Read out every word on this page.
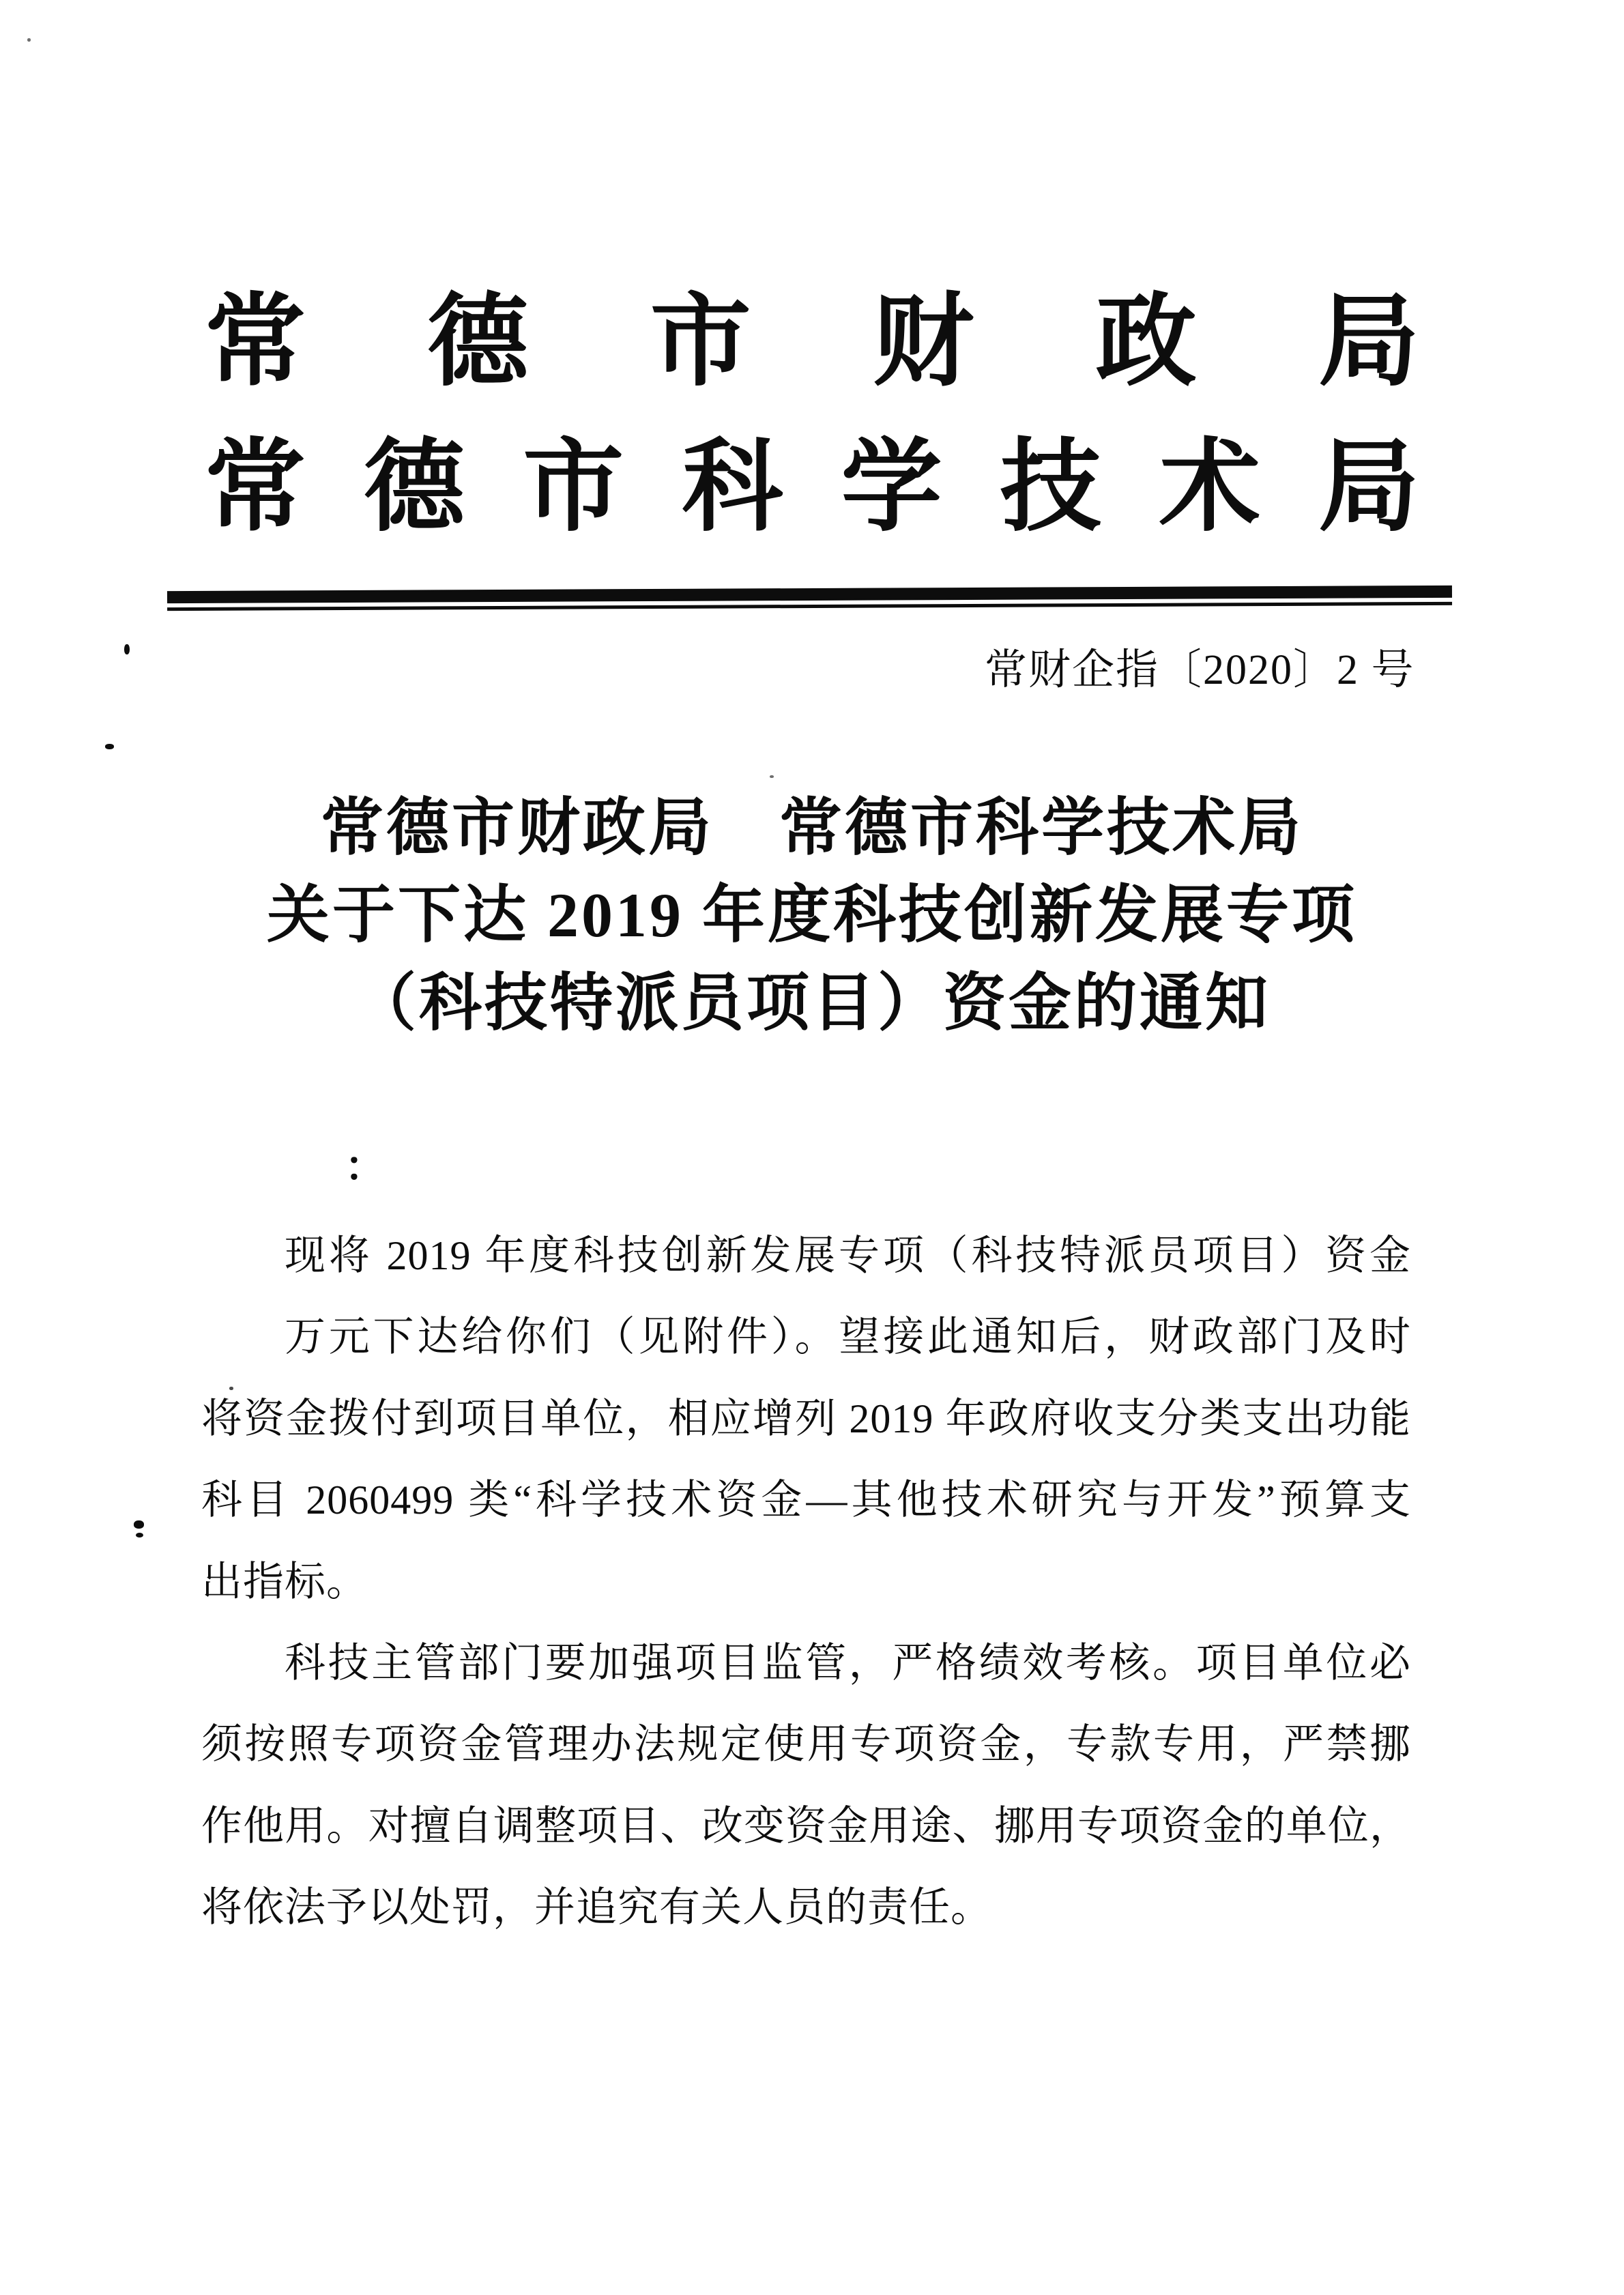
常德市财政局
常德市科学技术局
常财企指〔2020〕2 号
常德市财政局　常德市科学技术局
关于下达 2019 年度科技创新发展专项
（科技特派员项目）资金的通知
：
现将 2019 年度科技创新发展专项（科技特派员项目）资金
万元下达给你们（见附件）。望接此通知后，财政部门及时
将资金拨付到项目单位，相应增列 2019 年政府收支分类支出功能
科目 2060499 类“科学技术资金—其他技术研究与开发”预算支
出指标。
科技主管部门要加强项目监管，严格绩效考核。项目单位必
须按照专项资金管理办法规定使用专项资金，专款专用，严禁挪
作他用。对擅自调整项目、改变资金用途、挪用专项资金的单位，
将依法予以处罚，并追究有关人员的责任。
